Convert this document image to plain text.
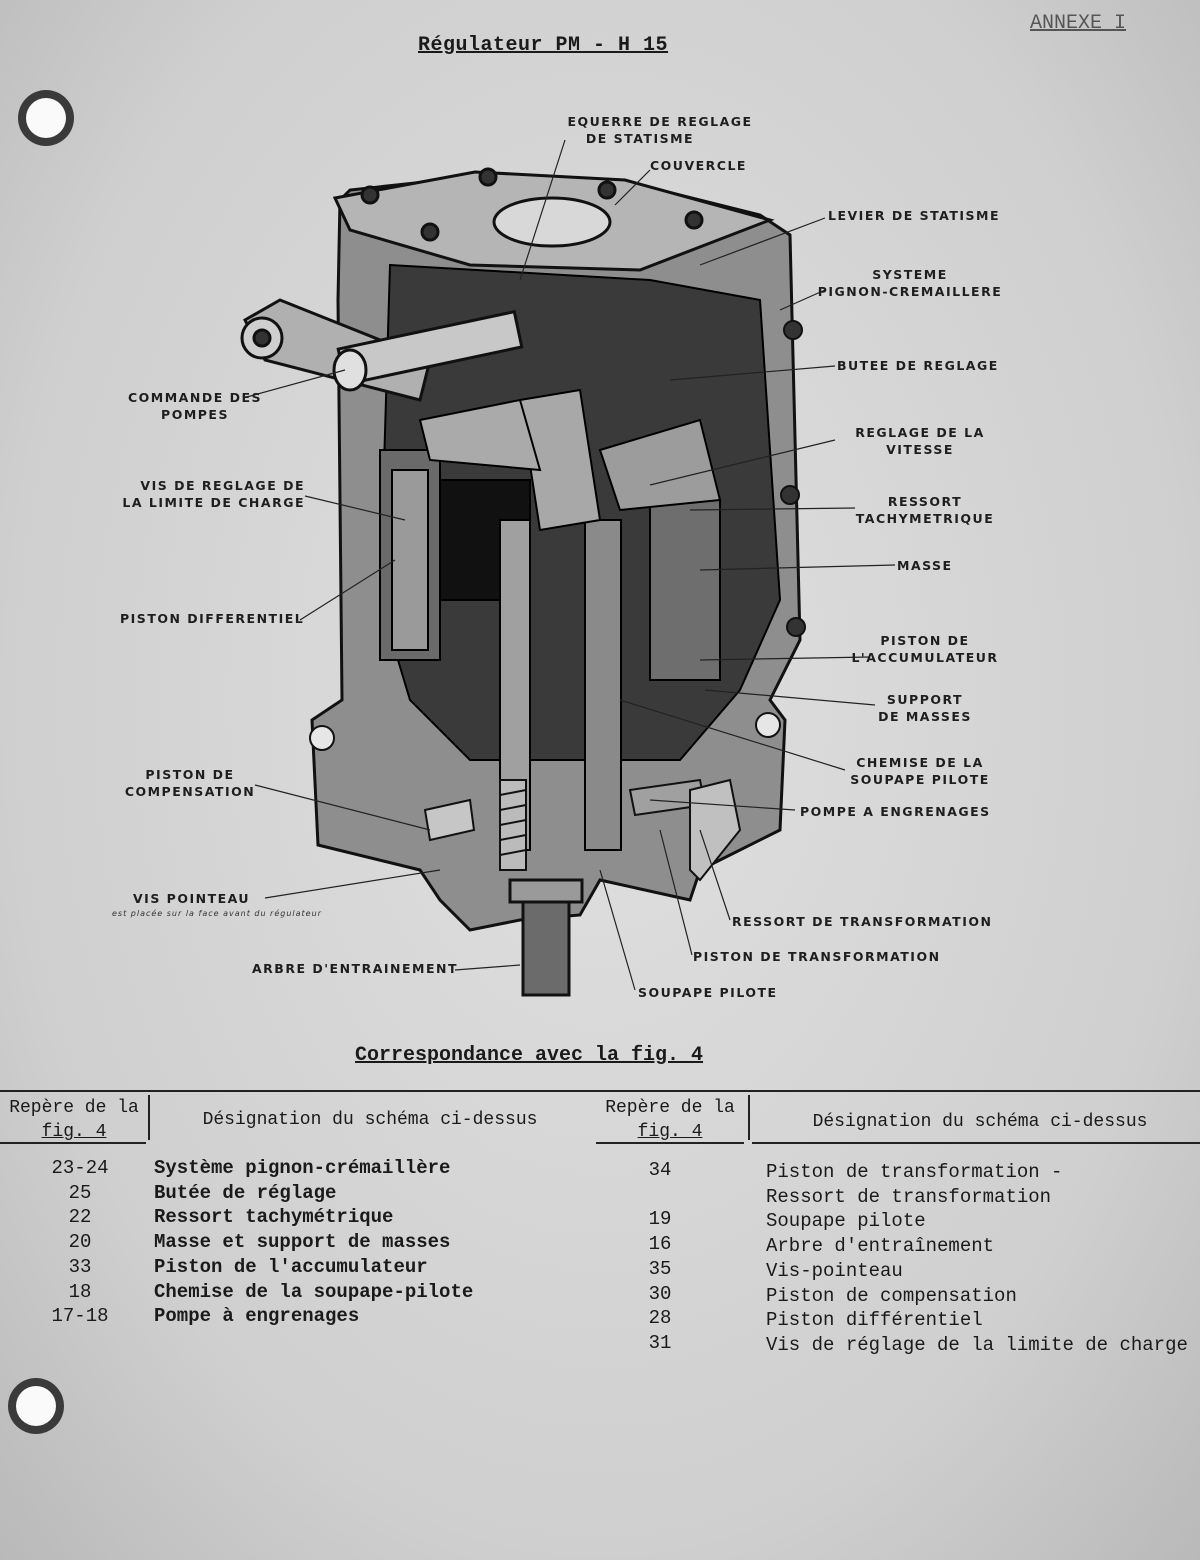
Régulateur PM - H 15
ANNEXE I
EQUERRE DE REGLAGE
DE STATISME
COUVERCLE
LEVIER DE STATISME
SYSTEME
PIGNON-CREMAILLERE
BUTEE DE REGLAGE
REGLAGE DE LA
VITESSE
RESSORT
TACHYMETRIQUE
MASSE
PISTON DE
L'ACCUMULATEUR
SUPPORT
DE MASSES
CHEMISE DE LA
SOUPAPE PILOTE
POMPE A ENGRENAGES
RESSORT DE TRANSFORMATION
PISTON DE TRANSFORMATION
SOUPAPE PILOTE
ARBRE D'ENTRAINEMENT
VIS POINTEAU
est placée sur la face avant du régulateur
PISTON DE
COMPENSATION
PISTON DIFFERENTIEL
VIS DE REGLAGE DE
LA LIMITE DE CHARGE
COMMANDE DES
POMPES
Correspondance avec la fig. 4
Repère de la
fig. 4
Désignation du schéma ci-dessus
Repère de la
fig. 4	Désignation du schéma ci-dessus
23-24
25
22
20
33
18
17-18
Système pignon-crémaillère
Butée de réglage
Ressort tachymétrique
Masse et support de masses
Piston de l'accumulateur
Chemise de la soupape-pilote
Pompe à engrenages
34

19
16
35
30
28
31
Piston de transformation -
Ressort de transformation
Soupape pilote
Arbre d'entraînement
Vis-pointeau
Piston de compensation
Piston différentiel
Vis de réglage de la limite de charge
